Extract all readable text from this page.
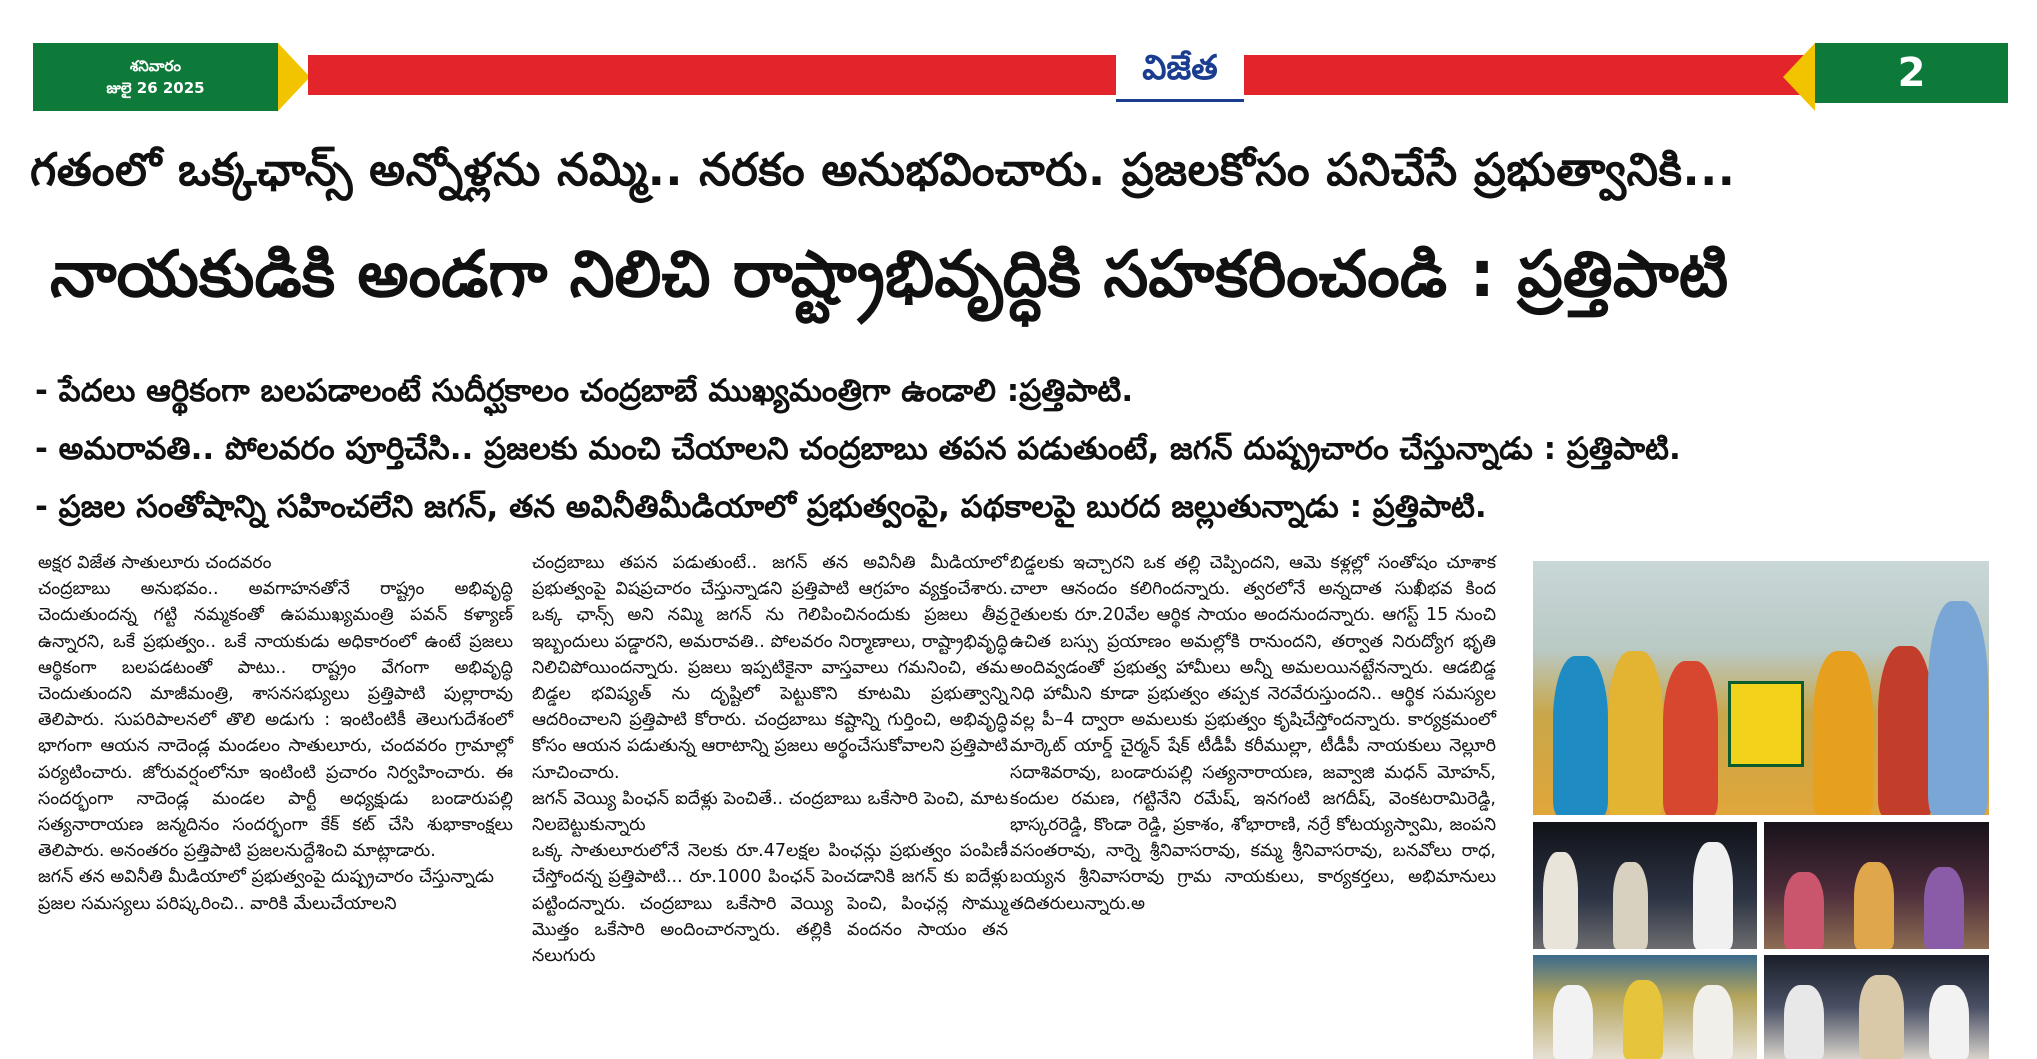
శనివారం
జులై 26 2025	విజేత	2
గతంలో ఒక్కఛాన్స్ అన్నోళ్లను నమ్మి.. నరకం అనుభవించారు. ప్రజలకోసం పనిచేసే ప్రభుత్వానికి...
నాయకుడికి అండగా నిలిచి రాష్ట్రాభివృద్ధికి సహకరించండి : ప్రత్తిపాటి
- పేదలు ఆర్థికంగా బలపడాలంటే సుదీర్ఘకాలం చంద్రబాబే ముఖ్యమంత్రిగా ఉండాలి :ప్రత్తిపాటి.
- అమరావతి.. పోలవరం పూర్తిచేసి.. ప్రజలకు మంచి చేయాలని చంద్రబాబు తపన పడుతుంటే, జగన్ దుష్ప్రచారం చేస్తున్నాడు : ప్రత్తిపాటి.
- ప్రజల సంతోషాన్ని సహించలేని జగన్, తన అవినీతిమీడియాలో ప్రభుత్వంపై, పథకాలపై బురద జల్లుతున్నాడు : ప్రత్తిపాటి.

అక్షర విజేత సాతులూరు చందవరం

చంద్రబాబు అనుభవం.. అవగాహనతోనే రాష్ట్రం అభివృద్ధి చెందుతుందన్న గట్టి నమ్మకంతో ఉపముఖ్యమంత్రి పవన్ కళ్యాణ్ ఉన్నారని, ఒకే ప్రభుత్వం.. ఒకే నాయకుడు అధికారంలో ఉంటే ప్రజలు ఆర్థికంగా బలపడటంతో పాటు.. రాష్ట్రం వేగంగా అభివృద్ధి చెందుతుందని మాజీమంత్రి, శాసనసభ్యులు ప్రత్తిపాటి పుల్లారావు తెలిపారు. సుపరిపాలనలో తొలి అడుగు : ఇంటింటికీ తెలుగుదేశంలో భాగంగా ఆయన నాదెండ్ల మండలం సాతులూరు, చందవరం గ్రామాల్లో పర్యటించారు. జోరువర్షంలోనూ ఇంటింటి ప్రచారం నిర్వహించారు. ఈ సందర్భంగా నాదెండ్ల మండల పార్టీ అధ్యక్షుడు బండారుపల్లి సత్యనారాయణ జన్మదినం సందర్భంగా కేక్ కట్ చేసి శుభాకాంక్షలు తెలిపారు. అనంతరం ప్రత్తిపాటి ప్రజలనుద్దేశించి మాట్లాడారు.

జగన్ తన అవినీతి మీడియాలో ప్రభుత్వంపై దుష్ప్రచారం చేస్తున్నాడు

ప్రజల సమస్యలు పరిష్కరించి.. వారికి మేలుచేయాలని

చంద్రబాబు తపన పడుతుంటే.. జగన్ తన అవినీతి మీడియాలో ప్రభుత్వంపై విషప్రచారం చేస్తున్నాడని ప్రత్తిపాటి ఆగ్రహం వ్యక్తంచేశారు. ఒక్క ఛాన్స్ అని నమ్మి జగన్ ను గెలిపించినందుకు ప్రజలు తీవ్ర ఇబ్బందులు పడ్డారని, అమరావతి.. పోలవరం నిర్మాణాలు, రాష్ట్రాభివృద్ధి నిలిచిపోయిందన్నారు. ప్రజలు ఇప్పటికైనా వాస్తవాలు గమనించి, తమ బిడ్డల భవిష్యత్ ను దృష్టిలో పెట్టుకొని కూటమి ప్రభుత్వాన్ని ఆదరించాలని ప్రత్తిపాటి కోరారు. చంద్రబాబు కష్టాన్ని గుర్తించి, అభివృద్ధి కోసం ఆయన పడుతున్న ఆరాటాన్ని ప్రజలు అర్థంచేసుకోవాలని ప్రత్తిపాటి సూచించారు.

జగన్ వెయ్యి పింఛన్ ఐదేళ్లు పెంచితే.. చంద్రబాబు ఒకేసారి పెంచి, మాట నిలబెట్టుకున్నారు

ఒక్క సాతులూరులోనే నెలకు రూ.47లక్షల పింఛన్లు ప్రభుత్వం పంపిణీ చేస్తోందన్న ప్రత్తిపాటి... రూ.1000 పింఛన్ పెంచడానికి జగన్ కు ఐదేళ్లు పట్టిందన్నారు. చంద్రబాబు ఒకేసారి వెయ్యి పెంచి, పింఛన్ల సొమ్ము మొత్తం ఒకేసారి అందించారన్నారు. తల్లికి వందనం సాయం తన నలుగురు

బిడ్డలకు ఇచ్చారని ఒక తల్లి చెప్పిందని, ఆమె కళ్లల్లో సంతోషం చూశాక చాలా ఆనందం కలిగిందన్నారు. త్వరలోనే అన్నదాత సుఖీభవ కింద రైతులకు రూ.20వేల ఆర్థిక సాయం అందనుందన్నారు. ఆగస్ట్ 15 నుంచి ఉచిత బస్సు ప్రయాణం అమల్లోకి రానుందని, తర్వాత నిరుద్యోగ భృతి అందివ్వడంతో ప్రభుత్వ హామీలు అన్నీ అమలయినట్టేనన్నారు. ఆడబిడ్డ నిధి హామీని కూడా ప్రభుత్వం తప్పక నెరవేరుస్తుందని.. ఆర్థిక సమస్యల వల్ల పీ–4 ద్వారా అమలుకు ప్రభుత్వం కృషిచేస్తోందన్నారు. కార్యక్రమంలో మార్కెట్ యార్డ్ చైర్మన్ షేక్ టీడీపీ కరీముల్లా, టీడీపీ నాయకులు నెల్లూరి సదాశివరావు, బండారుపల్లి సత్యనారాయణ, జవ్వాజి మధన్ మోహన్, కందుల రమణ, గట్టినేని రమేష్, ఇనగంటి జగదీష్, వెంకటరామిరెడ్డి, భాస్కరరెడ్డి, కొండా రెడ్డి, ప్రకాశం, శోభారాణి, నర్రే కోటయ్యస్వామి, జంపని వసంతరావు, నార్నె శ్రీనివాసరావు, కమ్మ శ్రీనివాసరావు, బనవోలు రాధ, బయ్యన శ్రీనివాసరావు గ్రామ నాయకులు, కార్యకర్తలు, అభిమానులు తదితరులున్నారు.అ
